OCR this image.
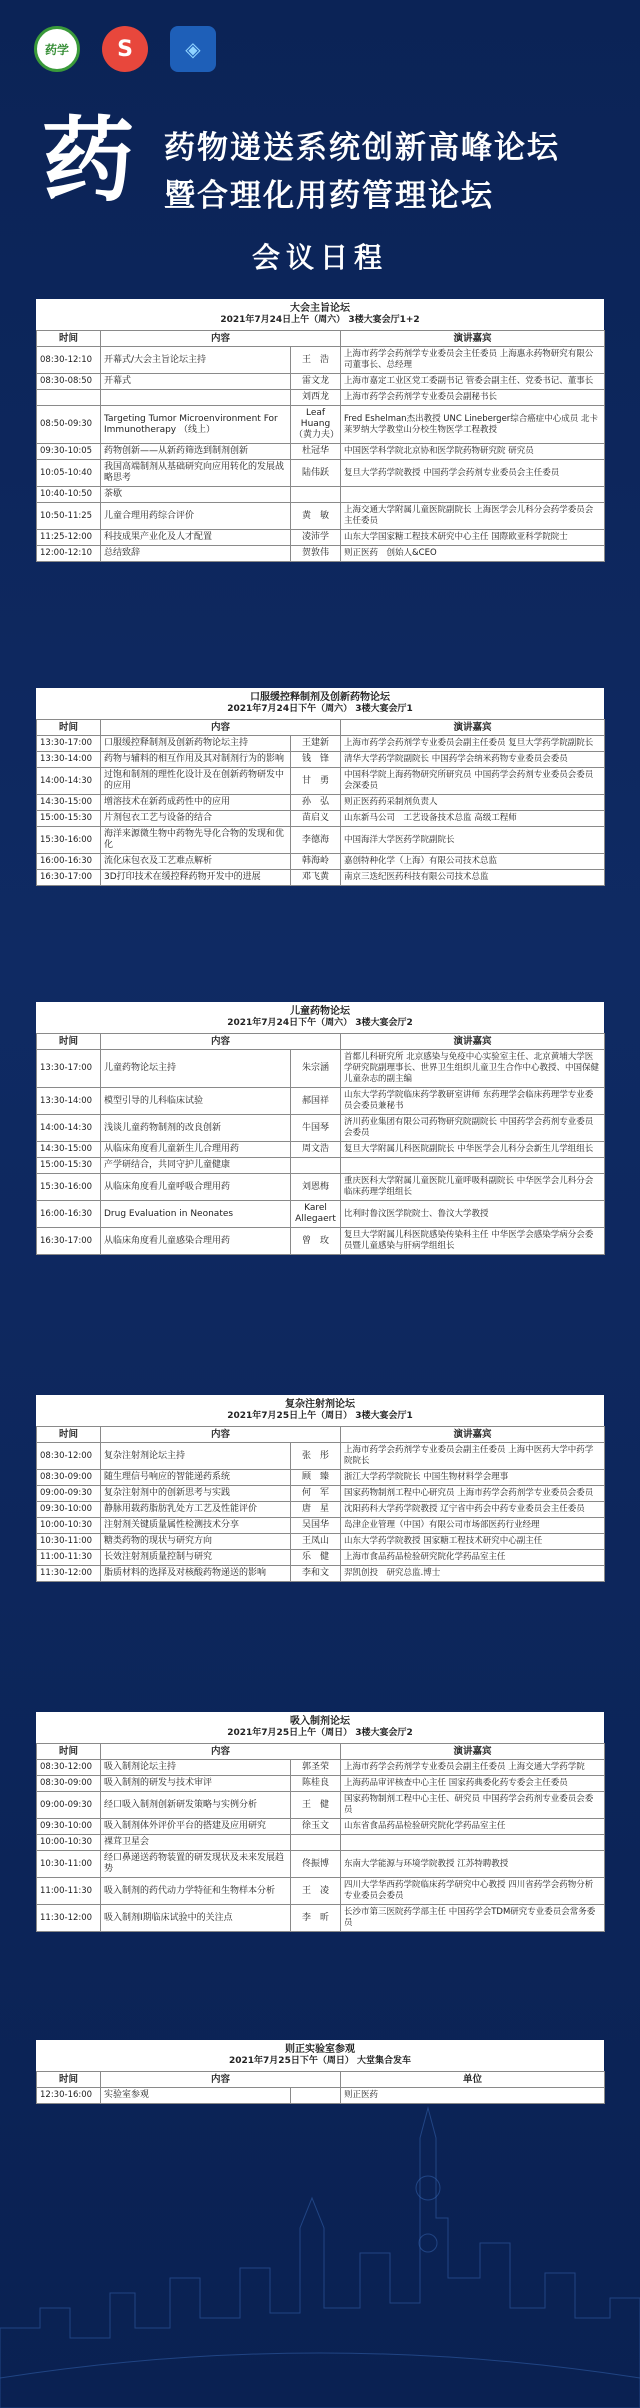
药学 S	◈
药 药物递送系统创新高峰论坛
暨合理化用药管理论坛
会议日程
大会主旨论坛
2021年7月24日上午（周六） 3楼大宴会厅1+2
时间	内容		演讲嘉宾
08:30-12:10	开幕式/大会主旨论坛主持	王　浩	上海市药学会药剂学专业委员会主任委员 上海惠永药物研究有限公司董事长、总经理
08:30-08:50	开幕式	雷文龙	上海市嘉定工业区党工委副书记 管委会副主任、党委书记、董事长
		刘西龙	上海市药学会药剂学专业委员会副秘书长
08:50-09:30	Targeting Tumor Microenvironment For Immunotherapy （线上）	Leaf Huang （黄力夫）	Fred Eshelman杰出教授 UNC Lineberger综合癌症中心成员 北卡莱罗纳大学教堂山分校生物医学工程教授
09:30-10:05	药物创新——从新药筛选到制剂创新	杜冠华	中国医学科学院北京协和医学院药物研究院 研究员
10:05-10:40	我国高端制剂从基础研究向应用转化的发展战略思考	陆伟跃	复旦大学药学院教授 中国药学会药剂专业委员会主任委员
10:40-10:50	茶歇		
10:50-11:25	儿童合理用药综合评价	黄　敏	上海交通大学附属儿童医院副院长 上海医学会儿科分会药学委员会主任委员
11:25-12:00	科技成果产业化及人才配置	凌沛学	山东大学国家糖工程技术研究中心主任 国際欧亚科学院院士
12:00-12:10	总结致辞	贺敦伟	则正医药　创始人&CEO
口服缓控释制剂及创新药物论坛
2021年7月24日下午（周六） 3楼大宴会厅1
时间	内容		演讲嘉宾
13:30-17:00	口服缓控释制剂及创新药物论坛主持	王建新	上海市药学会药剂学专业委员会副主任委员 复旦大学药学院副院长
13:30-14:00	药物与辅料的相互作用及其对制剂行为的影响	钱　锋	清华大学药学院副院长 中国药学会纳米药物专业委员会委员
14:00-14:30	过饱和制剂的理性化设计及在创新药物研发中的应用	甘　勇	中国科学院上海药物研究所研究员 中国药学会药剂专业委员会委员会深委员
14:30-15:00	增溶技术在新药成药性中的应用	孙　弘	则正医药药采制剂负责人
15:00-15:30	片剂包衣工艺与设备的结合	苗启义	山东新马公司　工艺设备技术总监 高级工程师
15:30-16:00	海洋来源微生物中药物先导化合物的发现和优化	李德海	中国海洋大学医药学院副院长
16:00-16:30	流化床包衣及工艺难点解析	韩海岭	嘉创特种化学（上海）有限公司技术总监
16:30-17:00	3D打印技术在缓控释药物开发中的进展	邓飞黄	南京三迭纪医药科技有限公司技术总监
儿童药物论坛
2021年7月24日下午（周六） 3楼大宴会厅2
时间	内容		演讲嘉宾
13:30-17:00	儿童药物论坛主持	朱宗涵	首都儿科研究所 北京感染与免疫中心实验室主任、北京黄埔大学医学研究院副理事长、世界卫生组织儿童卫生合作中心教授、中国保健儿童杂志的副主编
13:30-14:00	模型引导的儿科临床试验	郝国祥	山东大学药学院临床药学教研室讲师 东药理学会临床药理学专业委员会委员兼秘书
14:00-14:30	浅谈儿童药物制剂的改良创新	牛国琴	济川药业集团有限公司药物研究院副院长 中国药学会药剂专业委员会委员
14:30-15:00	从临床角度看儿童新生儿合理用药	周文浩	复旦大学附属儿科医院副院长 中华医学会儿科分会新生儿学组组长
15:00-15:30	产学研结合，共同守护儿童健康		
15:30-16:00	从临床角度看儿童呼吸合理用药	刘恩梅	重庆医科大学附属儿童医院儿童呼吸科副院长 中华医学会儿科分会临床药理学组组长
16:00-16:30	Drug Evaluation in Neonates	Karel Allegaert	比利时鲁汶医学院院士、鲁汶大学教授
16:30-17:00	从临床角度看儿童感染合理用药	曾　玫	复旦大学附属儿科医院感染传染科主任 中华医学会感染学病分会委员暨儿童感染与肝病学组组长
复杂注射剂论坛
2021年7月25日上午（周日） 3楼大宴会厅1
时间	内容		演讲嘉宾
08:30-12:00	复杂注射剂论坛主持	张　彤	上海市药学会药剂学专业委员会副主任委员 上海中医药大学中药学院院长
08:30-09:00	随生理信号响应的智能递药系统	顾　臻	浙江大学药学院院长 中国生物材料学会理事
09:00-09:30	复杂注射剂中的创新思考与实践	何　军	国家药物制剂工程中心研究员 上海市药学会药剂学专业委员会委员
09:30-10:00	静脉用载药脂肪乳处方工艺及性能评价	唐　星	沈阳药科大学药学院教授 辽宁省中药会中药专业委员会主任委员
10:00-10:30	注射剂关键质量属性检测技术分享	吴国华	岛津企业管理（中国）有限公司市场部医药行业经理
10:30-11:00	糖类药物的现状与研究方向	王凤山	山东大学药学院教授 国家糖工程技术研究中心副主任
11:00-11:30	长效注射剂质量控制与研究	乐　健	上海市食品药品检验研究院化学药品室主任
11:30-12:00	脂质材料的选择及对核酸药物递送的影响	李和文	羿凯创投　研究总监.博士
吸入制剂论坛
2021年7月25日上午（周日） 3楼大宴会厅2
时间	内容		演讲嘉宾
08:30-12:00	吸入制剂论坛主持	郭圣荣	上海市药学会药剂学专业委员会副主任委员 上海交通大学药学院
08:30-09:00	吸入制剂的研发与技术审评	陈桂良	上海药品审评核查中心主任 国家药典委化药专委会主任委员
09:00-09:30	经口吸入制剂创新研发策略与实例分析	王　健	国家药物制剂工程中心主任、研究员 中国药学会药剂专业委员会委员
09:30-10:00	吸入制剂体外评价平台的搭建及应用研究	徐玉文	山东省食品药品检验研究院化学药品室主任
10:00-10:30	裸茸卫星会		
10:30-11:00	经口鼻递送药物装置的研发现状及未来发展趋势	佟振博	东南大学能源与环境学院教授 江苏特聘教授
11:00-11:30	吸入制剂的药代动力学特征和生物样本分析	王　凌	四川大学华西药学院临床药学研究中心教授 四川省药学会药物分析专业委员会委员
11:30-12:00	吸入制剂I期临床试验中的关注点	李　昕	长沙市第三医院药学部主任 中国药学会TDM研究专业委员会常务委员
则正实验室参观
2021年7月25日下午（周日） 大堂集合发车
时间	内容		单位
12:30-16:00	实验室参观		则正医药
